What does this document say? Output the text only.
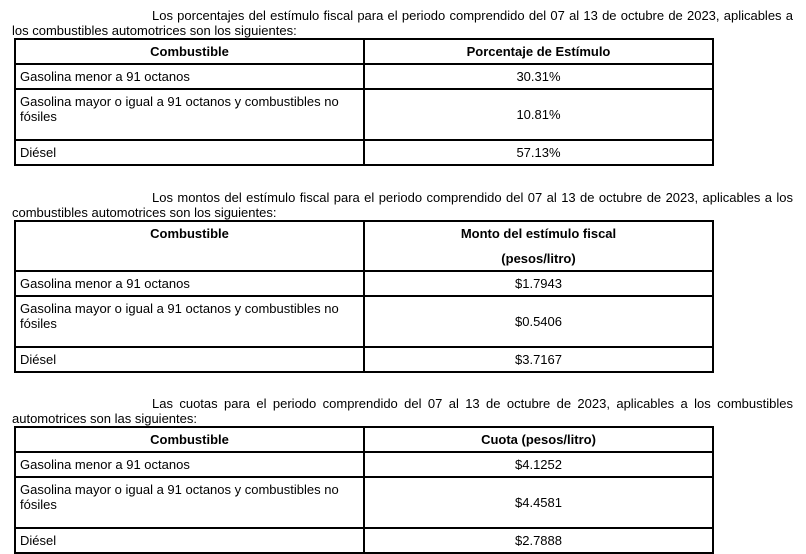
Los porcentajes del estímulo fiscal para el periodo comprendido del 07 al 13 de octubre de 2023, aplicables a los combustibles automotrices son los siguientes:

Combustible	Porcentaje de Estímulo
Gasolina menor a 91 octanos	30.31%
Gasolina mayor o igual a 91 octanos y combustibles no fósiles	10.81%
Diésel	57.13%

Los montos del estímulo fiscal para el periodo comprendido del 07 al 13 de octubre de 2023, aplicables a los combustibles automotrices son los siguientes:

Combustible	Monto del estímulo fiscal
(pesos/litro)

Gasolina menor a 91 octanos	$1.7943
Gasolina mayor o igual a 91 octanos y combustibles no fósiles	$0.5406
Diésel	$3.7167

Las cuotas para el periodo comprendido del 07 al 13 de octubre de 2023, aplicables a los combustibles automotrices son las siguientes:

Combustible	Cuota (pesos/litro)
Gasolina menor a 91 octanos	$4.1252
Gasolina mayor o igual a 91 octanos y combustibles no fósiles	$4.4581
Diésel	$2.7888
